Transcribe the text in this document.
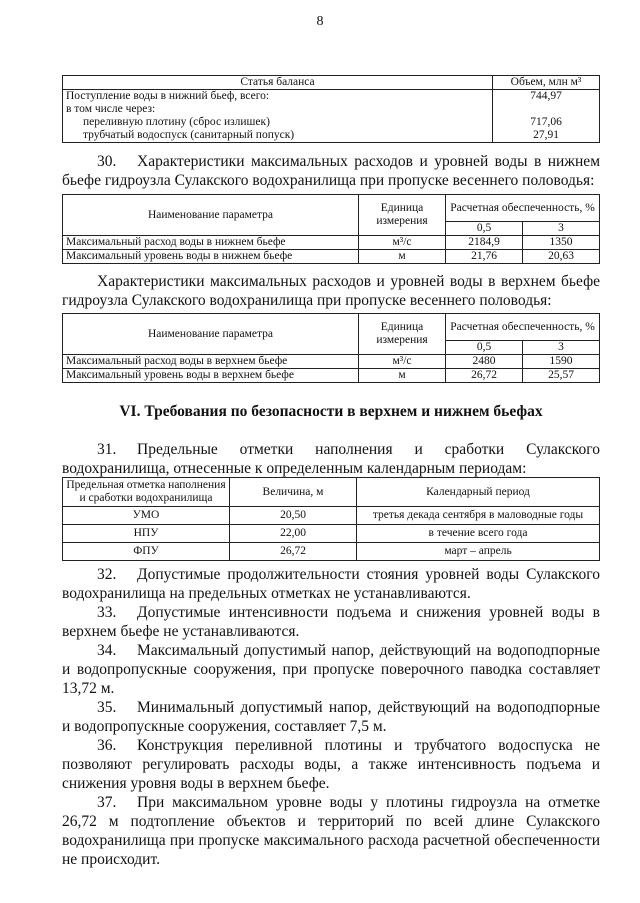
8
Статья баланса	Объем, млн м³
Поступление воды в нижний бьеф, всего:	744,97
в том числе через:	
переливную плотину (сброс излишек)	717,06
трубчатый водоспуск (санитарный попуск)	27,91

30. Характеристики максимальных расходов и уровней воды в нижнем бьефе гидроузла Сулакского водохранилища при пропуске весеннего половодья:

Наименование параметра	Единица измерения	Расчетная обеспеченность, %	
		0,5	3
Максимальный расход воды в нижнем бьефе	м³/с	2184,9	1350
Максимальный уровень воды в нижнем бьефе	м	21,76	20,63

Характеристики максимальных расходов и уровней воды в верхнем бьефе гидроузла Сулакского водохранилища при пропуске весеннего половодья:

Наименование параметра	Единица измерения	Расчетная обеспеченность, %	
		0,5	3
Максимальный расход воды в верхнем бьефе	м³/с	2480	1590
Максимальный уровень воды в верхнем бьефе	м	26,72	25,57
VI. Требования по безопасности в верхнем и нижнем бьефах

31. Предельные отметки наполнения и сработки Сулакского водохранилища, отнесенные к определенным календарным периодам:

Предельная отметка наполнения и сработки водохранилища	Величина, м	Календарный период
УМО	20,50	третья декада сентября в маловодные годы
НПУ	22,00	в течение всего года
ФПУ	26,72	март – апрель

32. Допустимые продолжительности стояния уровней воды Сулакского водохранилища на предельных отметках не устанавливаются.

33. Допустимые интенсивности подъема и снижения уровней воды в верхнем бьефе не устанавливаются.

34. Максимальный допустимый напор, действующий на водоподпорные и водопропускные сооружения, при пропуске поверочного паводка составляет 13,72 м.

35. Минимальный допустимый напор, действующий на водоподпорные и водопропускные сооружения, составляет 7,5 м.

36. Конструкция переливной плотины и трубчатого водоспуска не позволяют регулировать расходы воды, а также интенсивность подъема и снижения уровня воды в верхнем бьефе.

37. При максимальном уровне воды у плотины гидроузла на отметке 26,72 м подтопление объектов и территорий по всей длине Сулакского водохранилища при пропуске максимального расхода расчетной обеспеченности не происходит.
